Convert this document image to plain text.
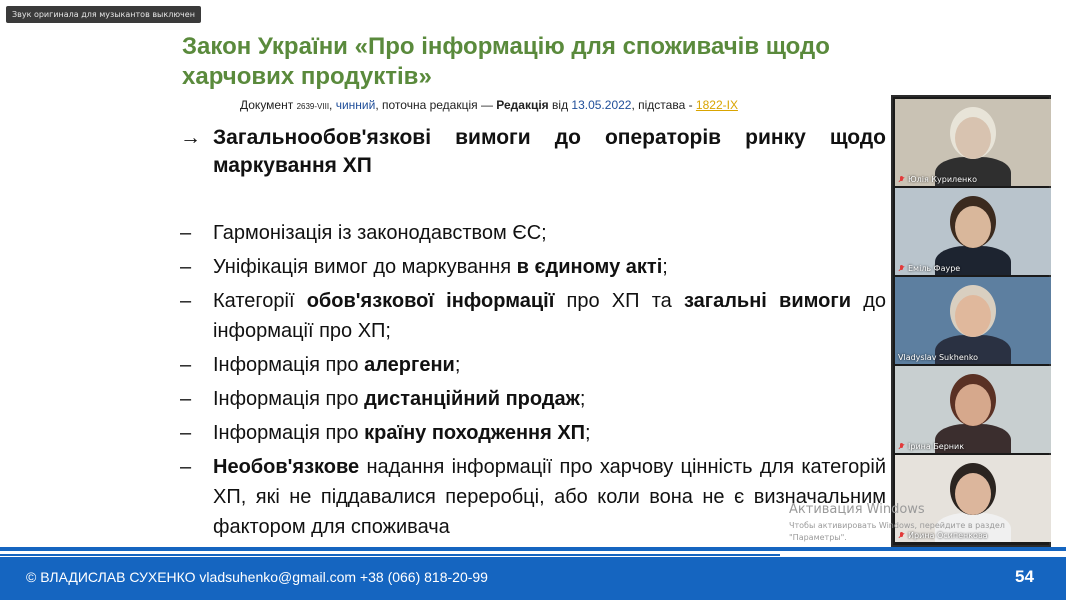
Звук оригинала для музыкантов выключен
Закон України «Про інформацію для споживачів щодо харчових продуктів»
Документ 2639-VIII, чинний, поточна редакція — Редакція від 13.05.2022, підстава - 1822-IX
→ Загальнообов'язкові вимоги до операторів ринку щодо маркування ХП
– Гармонізація із законодавством ЄС;
– Уніфікація вимог до маркування в єдиному акті;
– Категорії обов'язкової інформації про ХП та загальні вимоги до інформації про ХП;
– Інформація про алергени;
– Інформація про дистанційний продаж;
– Інформація про країну походження ХП;
– Необов'язкове надання інформації про харчову цінність для категорій ХП, які не піддавалися переробці, або коли вона не є визначальним фактором для споживача
Юлія Куриленко
Еміль Фауре
Vladyslav Sukhenko
Ірина Берник
Ирина Осипенкова
Активация Windows
Чтобы активировать Windows, перейдите в раздел "Параметры".
© ВЛАДИСЛАВ СУХЕНКО vladsuhenko@gmail.com +38 (066) 818-20-99	54
